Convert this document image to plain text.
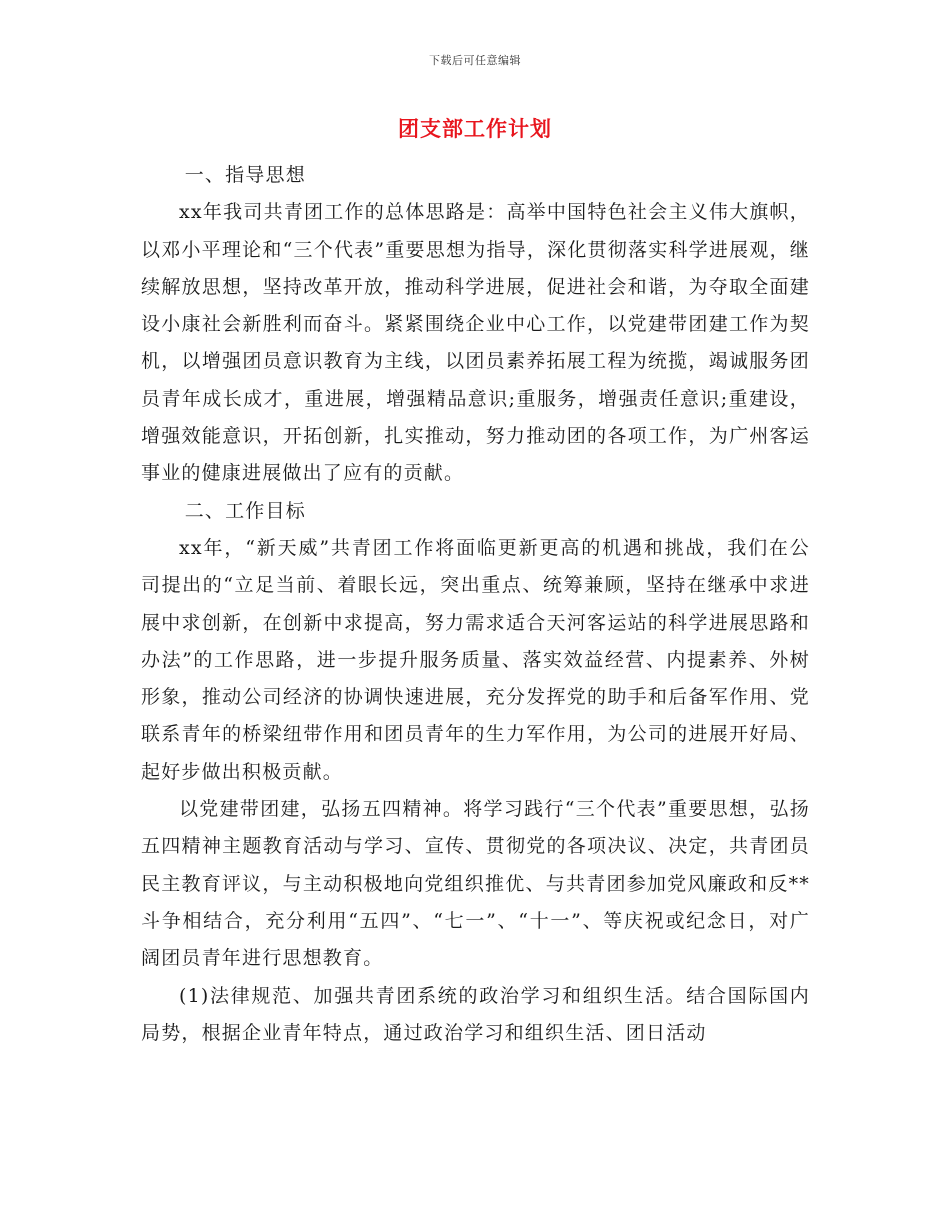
下载后可任意编辑
团支部工作计划

一、指导思想

xx年我司共青团工作的总体思路是：高举中国特色社会主义伟大旗帜，以邓小平理论和“三个代表”重要思想为指导，深化贯彻落实科学进展观，继续解放思想，坚持改革开放，推动科学进展，促进社会和谐，为夺取全面建设小康社会新胜利而奋斗。紧紧围绕企业中心工作，以党建带团建工作为契机，以增强团员意识教育为主线，以团员素养拓展工程为统揽，竭诚服务团员青年成长成才，重进展，增强精品意识;重服务，增强责任意识;重建设，增强效能意识，开拓创新，扎实推动，努力推动团的各项工作，为广州客运事业的健康进展做出了应有的贡献。

二、工作目标

xx年，“新天威”共青团工作将面临更新更高的机遇和挑战，我们在公司提出的“立足当前、着眼长远，突出重点、统筹兼顾，坚持在继承中求进展中求创新，在创新中求提高，努力需求适合天河客运站的科学进展思路和办法”的工作思路，进一步提升服务质量、落实效益经营、内提素养、外树形象，推动公司经济的协调快速进展，充分发挥党的助手和后备军作用、党联系青年的桥梁纽带作用和团员青年的生力军作用，为公司的进展开好局、起好步做出积极贡献。

以党建带团建，弘扬五四精神。将学习践行“三个代表”重要思想，弘扬五四精神主题教育活动与学习、宣传、贯彻党的各项决议、决定，共青团员民主教育评议，与主动积极地向党组织推优、与共青团参加党风廉政和反**斗争相结合，充分利用“五四”、“七一”、“十一”、等庆祝或纪念日，对广阔团员青年进行思想教育。

(1)法律规范、加强共青团系统的政治学习和组织生活。结合国际国内局势，根据企业青年特点，通过政治学习和组织生活、团日活动
